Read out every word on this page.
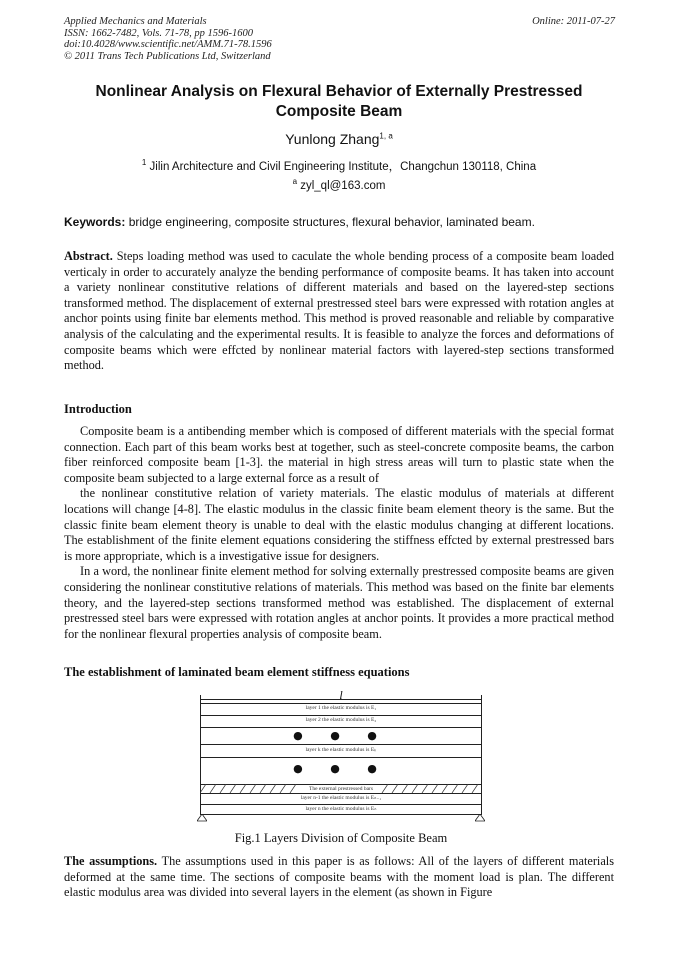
Applied Mechanics and Materials
ISSN: 1662-7482, Vols. 71-78, pp 1596-1600
doi:10.4028/www.scientific.net/AMM.71-78.1596
© 2011 Trans Tech Publications Ltd, Switzerland
Online: 2011-07-27
Nonlinear Analysis on Flexural Behavior of Externally Prestressed Composite Beam
Yunlong Zhang$^{1, a}$
$^1$ Jilin Architecture and Civil Engineering Institute，Changchun 130118, China
$^a$ zyl_ql@163.com
Keywords: bridge engineering, composite structures, flexural behavior, laminated beam.

Abstract. Steps loading method was used to caculate the whole bending process of a composite beam loaded verticaly in order to accurately analyze the bending performance of composite beams. It has taken into account a variety nonlinear constitutive relations of different materials and based on the layered-step sections transformed method. The displacement of external prestressed steel bars were expressed with rotation angles at anchor points using finite bar elements method. This method is proved reasonable and reliable by comparative analysis of the calculating and the experimental results. It is feasible to analyze the forces and deformations of composite beams which were effcted by nonlinear material factors with layered-step sections transformed method.

Introduction

Composite beam is a antibending member which is composed of different materials with the special format connection. Each part of this beam works best at together, such as steel-concrete composite beams, the carbon fiber reinforced composite beam [1-3]. the material in high stress areas will turn to plastic state when the composite beam subjected to a large external force as a result of

the nonlinear constitutive relation of variety materials. The elastic modulus of materials at different locations will change [4-8]. The elastic modulus in the classic finite beam element theory is the same. But the classic finite beam element theory is unable to deal with the elastic modulus changing at different locations. The establishment of the finite element equations considering the stiffness effcted by external prestressed bars is more appropriate, which is a investigative issue for designers.

In a word, the nonlinear finite element method for solving externally prestressed composite beams are given considering the nonlinear constitutive relations of materials. This method was based on the finite bar elements theory, and the layered-step sections transformed method was established. The displacement of external prestressed steel bars were expressed with rotation angles at anchor points. It provides a more practical method for the nonlinear flexural properties analysis of composite beam.

The establishment of laminated beam element stiffness equations
l
layer 1 the elastic modulus is E₁
layer 2 the elastic modulus is E₂
● ● ●
layer k the elastic modulus is Eₖ
● ● ●
The external prestressed bars
layer n-1 the elastic modulus is Eₙ₋₁
layer n the elastic modulus is Eₙ
Fig.1 Layers Division of Composite Beam

The assumptions. The assumptions used in this paper is as follows: All of the layers of different materials deformed at the same time. The sections of composite beams with the moment load is plan. The different elastic modulus area was divided into several layers in the element (as shown in Figure
